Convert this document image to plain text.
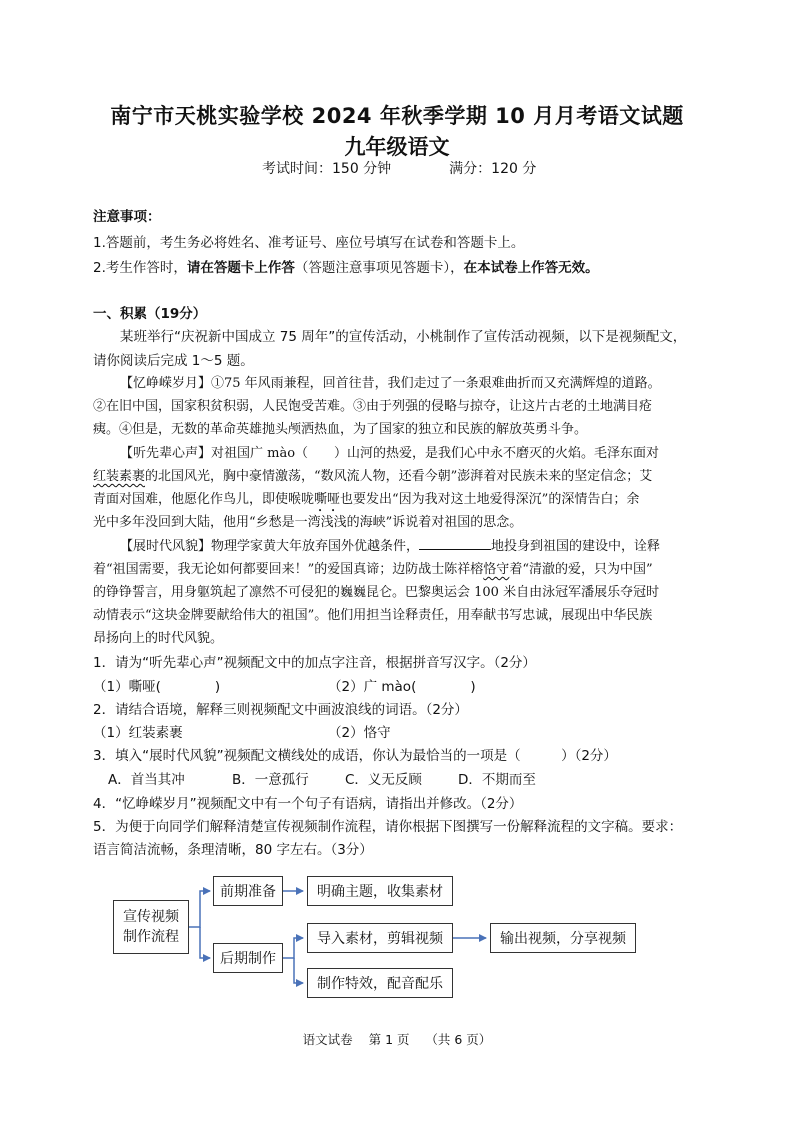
南宁市天桃实验学校 2024 年秋季学期 10 月月考语文试题
九年级语文
考试时间：150 分钟	满分：120 分
注意事项：
1.答题前，考生务必将姓名、准考证号、座位号填写在试卷和答题卡上。
2.考生作答时，请在答题卡上作答（答题注意事项见答题卡），在本试卷上作答无效。
一、积累（19分）
某班举行“庆祝新中国成立 75 周年”的宣传活动，小桃制作了宣传活动视频，以下是视频配文，
请你阅读后完成 1～5 题。
【忆峥嵘岁月】①75 年风雨兼程，回首往昔，我们走过了一条艰难曲折而又充满辉煌的道路。
②在旧中国，国家积贫积弱，人民饱受苦难。③由于列强的侵略与掠夺，让这片古老的土地满目疮
痍。④但是，无数的革命英雄抛头颅洒热血，为了国家的独立和民族的解放英勇斗争。
【听先辈心声】对祖国广 mào（　　）山河的热爱，是我们心中永不磨灭的火焰。毛泽东面对
红装素裹的北国风光，胸中豪情激荡，“数风流人物，还看今朝”澎湃着对民族未来的坚定信念；艾
青面对国难，他愿化作鸟儿，即使喉咙嘶哑也要发出“因为我对这土地爱得深沉”的深情告白；余
光中多年没回到大陆，他用“乡愁是一湾浅浅的海峡”诉说着对祖国的思念。
【展时代风貌】物理学家黄大年放弃国外优越条件，	地投身到祖国的建设中，诠释
着“祖国需要，我无论如何都要回来！”的爱国真谛；边防战士陈祥榕恪守着“清澈的爱，只为中国”
的铮铮誓言，用身躯筑起了凛然不可侵犯的巍巍昆仑。巴黎奥运会 100 米自由泳冠军潘展乐夺冠时
动情表示“这块金牌要献给伟大的祖国”。他们用担当诠释责任，用奉献书写忠诚，展现出中华民族
昂扬向上的时代风貌。
1．请为“听先辈心声”视频配文中的加点字注音，根据拼音写汉字。（2分）
（1）嘶哑(　　　　)	（2）广 mào(　　　　)
2．请结合语境，解释三则视频配文中画波浪线的词语。（2分）
（1）红装素裹	（2）恪守
3．填入“展时代风貌”视频配文横线处的成语，你认为最恰当的一项是（　　　）（2分）
A．首当其冲	B．一意孤行	C．义无反顾	D．不期而至
4．“忆峥嵘岁月”视频配文中有一个句子有语病，请指出并修改。（2分）
5．为便于向同学们解释清楚宣传视频制作流程，请你根据下图撰写一份解释流程的文字稿。要求：
语言简洁流畅，条理清晰，80 字左右。（3分）
宣传视频
制作流程
前期准备
后期制作
明确主题，收集素材
导入素材，剪辑视频
制作特效，配音配乐
输出视频，分享视频
语文试卷 第 1 页 （共 6 页）
